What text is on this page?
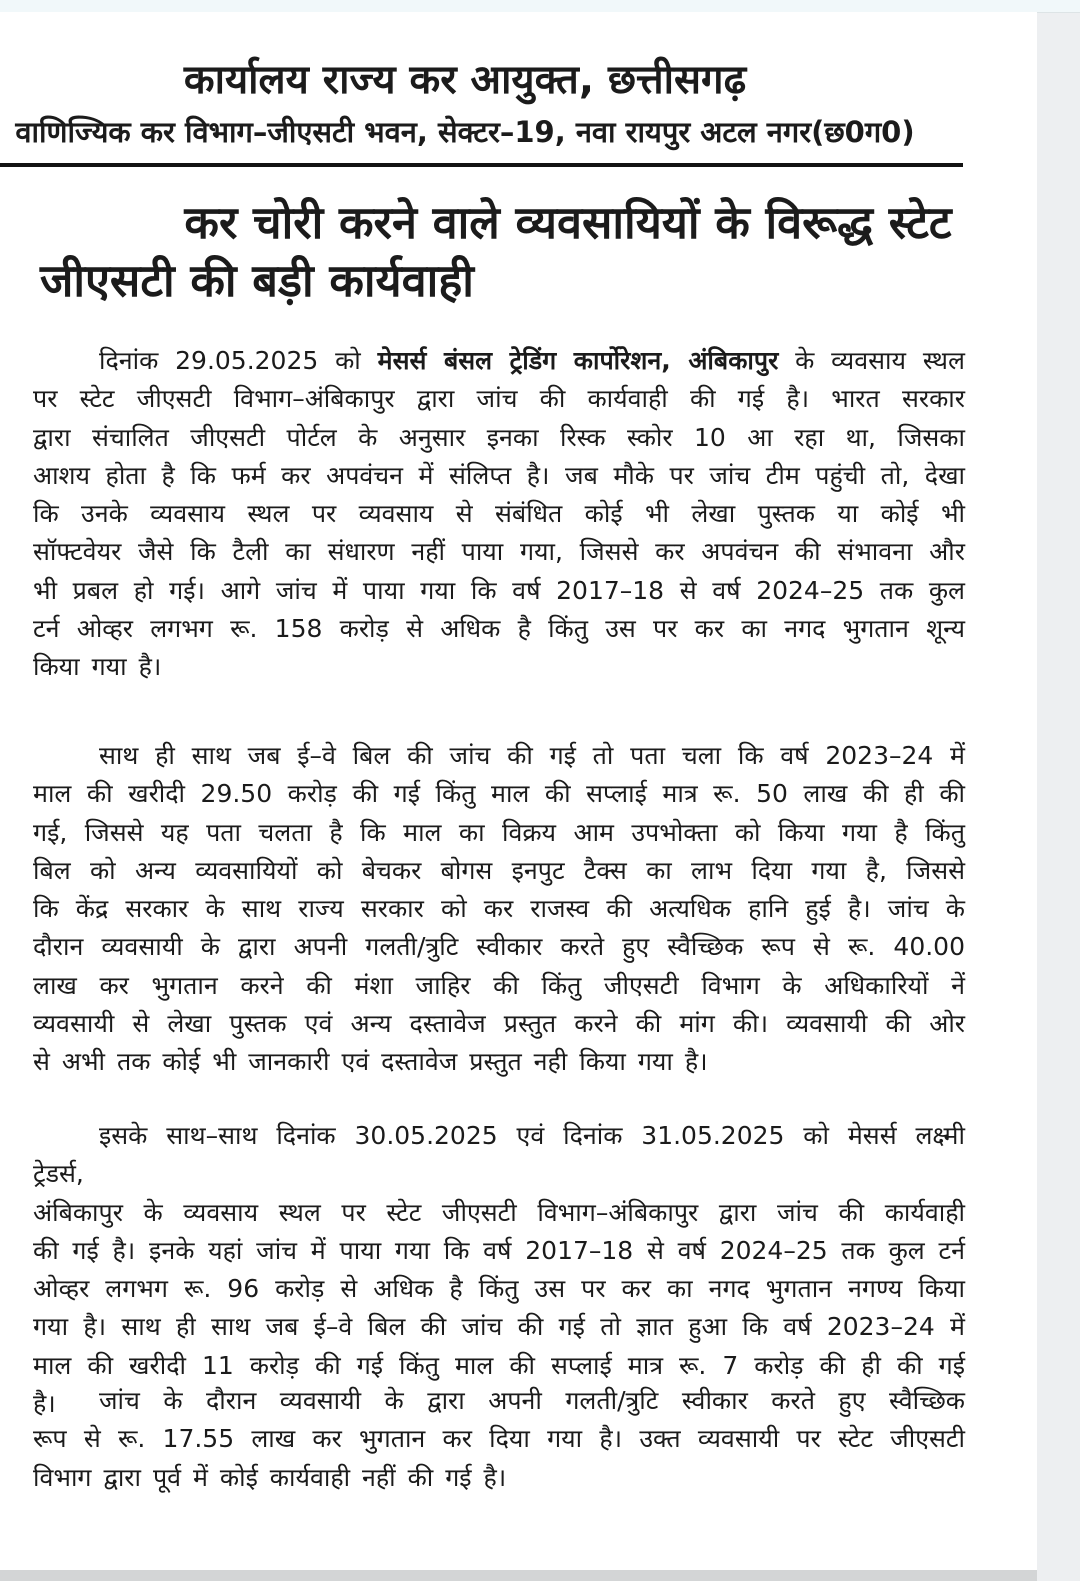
कार्यालय राज्य कर आयुक्त, छत्तीसगढ़
वाणिज्यिक कर विभाग–जीएसटी भवन, सेक्टर–19, नवा रायपुर अटल नगर(छ0ग0)
कर चोरी करने वाले व्यवसायियों के विरूद्ध स्टेट
जीएसटी की बड़ी कार्यवाही
दिनांक 29.05.2025 को मेसर्स बंसल ट्रेडिंग कार्पोरेशन, अंबिकापुर के व्यवसाय स्थल
पर स्टेट जीएसटी विभाग–अंबिकापुर द्वारा जांच की कार्यवाही की गई है। भारत सरकार
द्वारा संचालित जीएसटी पोर्टल के अनुसार इनका रिस्क स्कोर 10 आ रहा था, जिसका
आशय होता है कि फर्म कर अपवंचन में संलिप्त है। जब मौके पर जांच टीम पहुंची तो, देखा
कि उनके व्यवसाय स्थल पर व्यवसाय से संबंधित कोई भी लेखा पुस्तक या कोई भी
सॉफ्टवेयर जैसे कि टैली का संधारण नहीं पाया गया, जिससे कर अपवंचन की संभावना और
भी प्रबल हो गई। आगे जांच में पाया गया कि वर्ष 2017–18 से वर्ष 2024–25 तक कुल
टर्न ओव्हर लगभग रू. 158 करोड़ से अधिक है किंतु उस पर कर का नगद भुगतान शून्य
किया गया है।
साथ ही साथ जब ई–वे बिल की जांच की गई तो पता चला कि वर्ष 2023–24 में
माल की खरीदी 29.50 करोड़ की गई किंतु माल की सप्लाई मात्र रू. 50 लाख की ही की
गई, जिससे यह पता चलता है कि माल का विक्रय आम उपभोक्ता को किया गया है किंतु
बिल को अन्य व्यवसायियों को बेचकर बोगस इनपुट टैक्स का लाभ दिया गया है, जिससे
कि केंद्र सरकार के साथ राज्य सरकार को कर राजस्व की अत्यधिक हानि हुई है। जांच के
दौरान व्यवसायी के द्वारा अपनी गलती/त्रुटि स्वीकार करते हुए स्वैच्छिक रूप से रू. 40.00
लाख कर भुगतान करने की मंशा जाहिर की किंतु जीएसटी विभाग के अधिकारियों नें
व्यवसायी से लेखा पुस्तक एवं अन्य दस्तावेज प्रस्तुत करने की मांग की। व्यवसायी की ओर
से अभी तक कोई भी जानकारी एवं दस्तावेज प्रस्तुत नही किया गया है।
इसके साथ–साथ दिनांक 30.05.2025 एवं दिनांक 31.05.2025 को मेसर्स लक्ष्मी ट्रेडर्स,
अंबिकापुर के व्यवसाय स्थल पर स्टेट जीएसटी विभाग–अंबिकापुर द्वारा जांच की कार्यवाही
की गई है। इनके यहां जांच में पाया गया कि वर्ष 2017–18 से वर्ष 2024–25 तक कुल टर्न
ओव्हर लगभग रू. 96 करोड़ से अधिक है किंतु उस पर कर का नगद भुगतान नगण्य किया
गया है। साथ ही साथ जब ई–वे बिल की जांच की गई तो ज्ञात हुआ कि वर्ष 2023–24 में
माल की खरीदी 11 करोड़ की गई किंतु माल की सप्लाई मात्र रू. 7 करोड़ की ही की गई
है।	जांच के दौरान व्यवसायी के द्वारा अपनी गलती/त्रुटि स्वीकार करते हुए स्वैच्छिक
रूप से रू. 17.55 लाख कर भुगतान कर दिया गया है। उक्त व्यवसायी पर स्टेट जीएसटी
विभाग द्वारा पूर्व में कोई कार्यवाही नहीं की गई है।
